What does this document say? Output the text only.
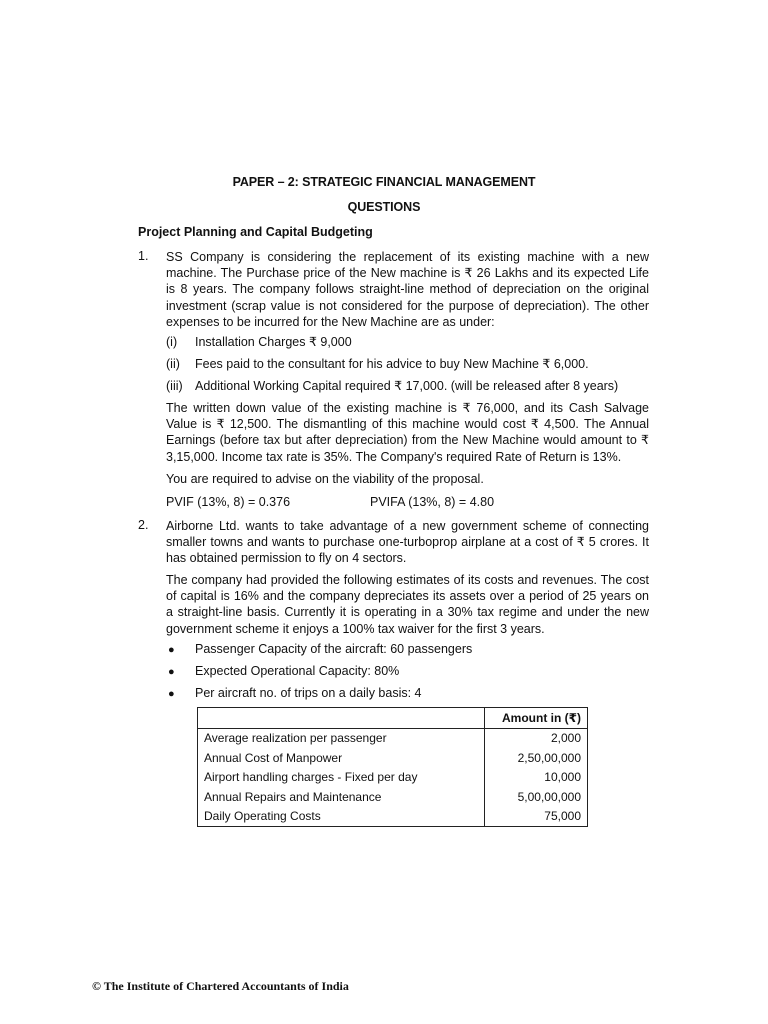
PAPER – 2: STRATEGIC FINANCIAL MANAGEMENT
QUESTIONS
Project Planning and Capital Budgeting
1. SS Company is considering the replacement of its existing machine with a new machine. The Purchase price of the New machine is ₹ 26 Lakhs and its expected Life is 8 years. The company follows straight-line method of depreciation on the original investment (scrap value is not considered for the purpose of depreciation). The other expenses to be incurred for the New Machine are as under:

(i) Installation Charges ₹ 9,000
(ii) Fees paid to the consultant for his advice to buy New Machine ₹ 6,000.
(iii) Additional Working Capital required ₹ 17,000. (will be released after 8 years)

The written down value of the existing machine is ₹ 76,000, and its Cash Salvage Value is ₹ 12,500. The dismantling of this machine would cost ₹ 4,500. The Annual Earnings (before tax but after depreciation) from the New Machine would amount to ₹ 3,15,000. Income tax rate is 35%. The Company's required Rate of Return is 13%.

You are required to advise on the viability of the proposal.

PVIF (13%, 8) = 0.376	PVIFA (13%, 8) = 4.80
2. Airborne Ltd. wants to take advantage of a new government scheme of connecting smaller towns and wants to purchase one-turboprop airplane at a cost of ₹ 5 crores. It has obtained permission to fly on 4 sectors.

The company had provided the following estimates of its costs and revenues. The cost of capital is 16% and the company depreciates its assets over a period of 25 years on a straight-line basis. Currently it is operating in a 30% tax regime and under the new government scheme it enjoys a 100% tax waiver for the first 3 years.

● Passenger Capacity of the aircraft: 60 passengers
● Expected Operational Capacity: 80%
● Per aircraft no. of trips on a daily basis: 4
	Amount in (₹)
Average realization per passenger	2,000
Annual Cost of Manpower	2,50,00,000
Airport handling charges - Fixed per day	10,000
Annual Repairs and Maintenance	5,00,00,000
Daily Operating Costs	75,000
© The Institute of Chartered Accountants of India
